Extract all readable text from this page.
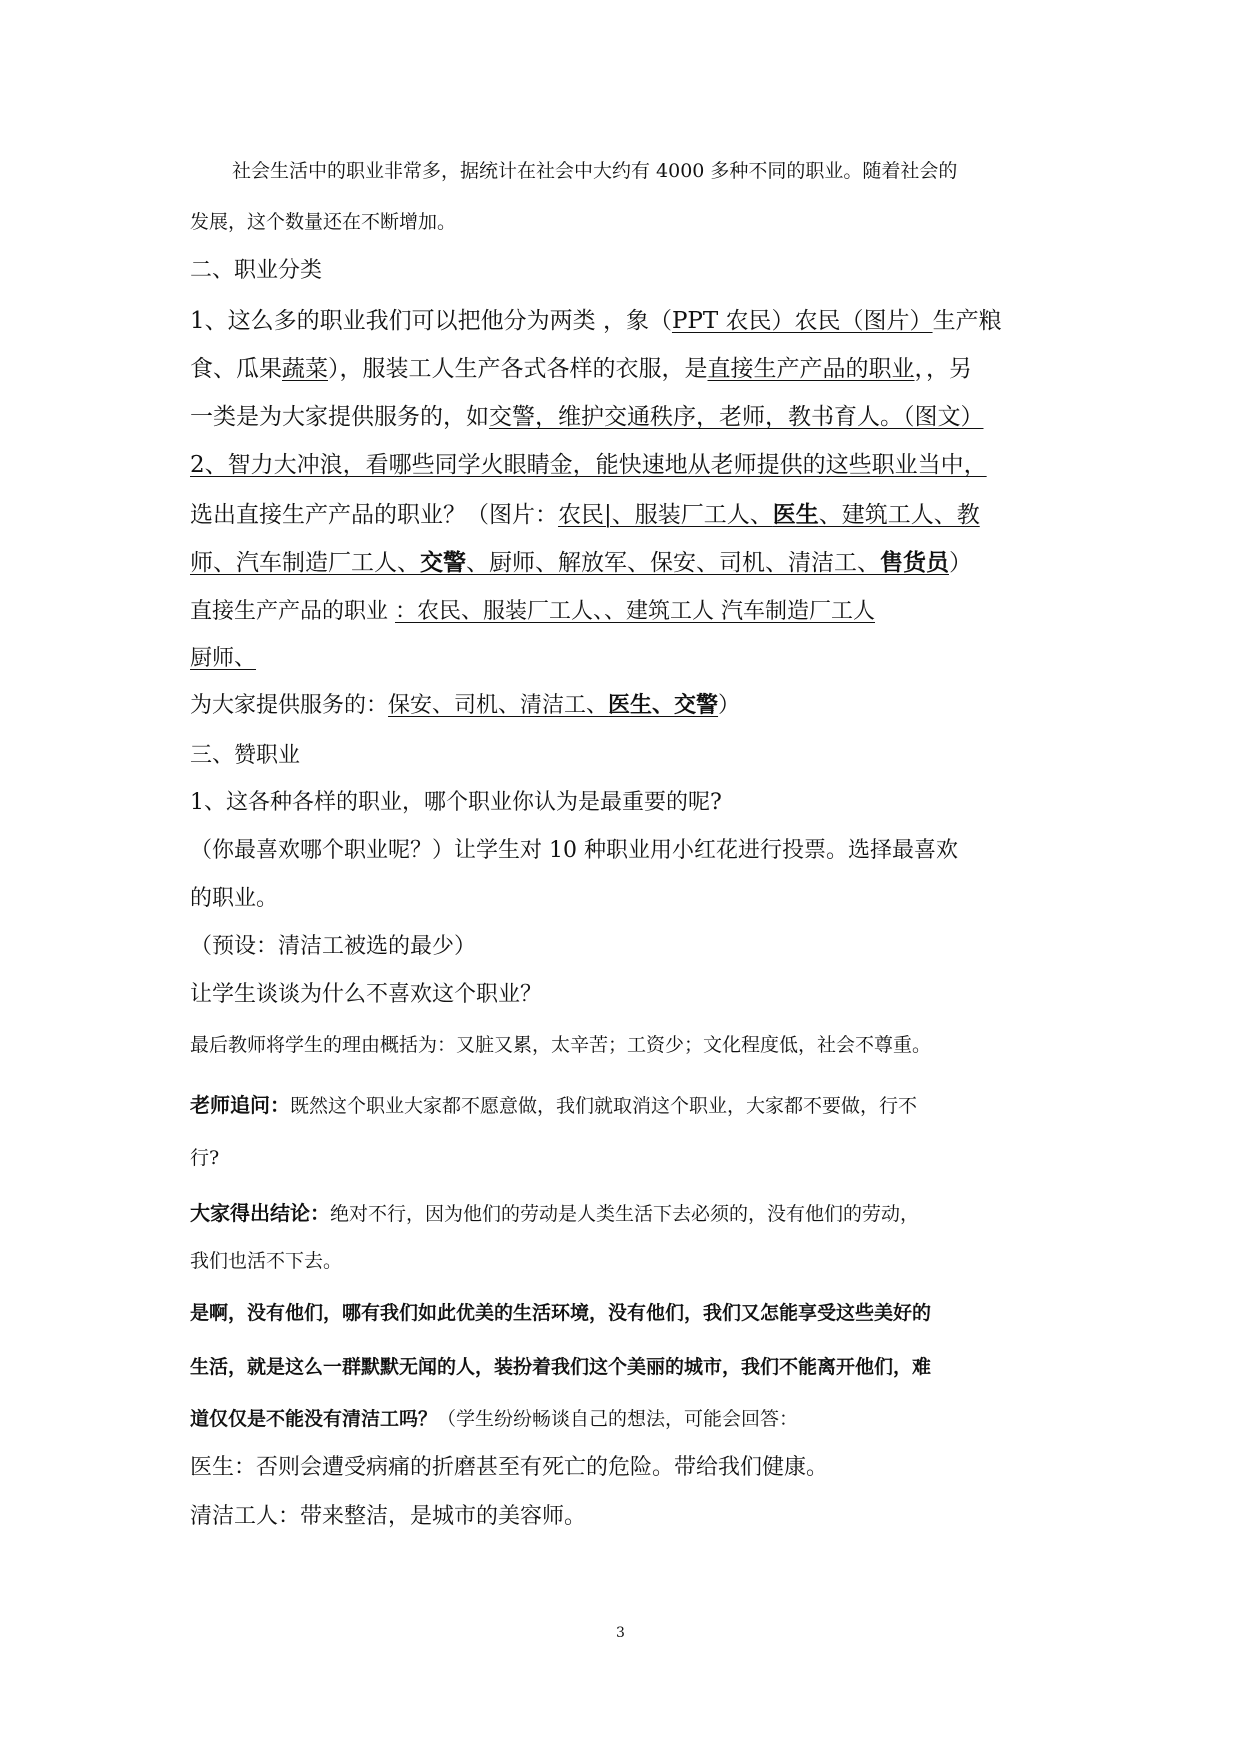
社会生活中的职业非常多，据统计在社会中大约有 4000 多种不同的职业。随着社会的
发展，这个数量还在不断增加。
二、职业分类
1、这么多的职业我们可以把他分为两类 ，象（PPT 农民）农民（图片）生产粮
食、瓜果蔬菜），服装工人生产各式各样的衣服，是直接生产产品的职业，，另
一类是为大家提供服务的，如交警，维护交通秩序，老师，教书育人。（图文）
2、智力大冲浪，看哪些同学火眼睛金，能快速地从老师提供的这些职业当中，
选出直接生产产品的职业？（图片：农民|、服装厂工人、医生、建筑工人、教
师、汽车制造厂工人、交警、厨师、解放军、保安、司机、清洁工、售货员）
直接生产产品的职业 ：农民、服装厂工人、、建筑工人 汽车制造厂工人
厨师、
为大家提供服务的：保安、司机、清洁工、医生、交警）
三、赞职业
1、这各种各样的职业，哪个职业你认为是最重要的呢?
（你最喜欢哪个职业呢？）让学生对 10 种职业用小红花进行投票。选择最喜欢
的职业。
（预设：清洁工被选的最少）
让学生谈谈为什么不喜欢这个职业？
最后教师将学生的理由概括为：又脏又累，太辛苦；工资少；文化程度低，社会不尊重。
老师追问：既然这个职业大家都不愿意做，我们就取消这个职业，大家都不要做，行不
行?
大家得出结论：绝对不行，因为他们的劳动是人类生活下去必须的，没有他们的劳动，
我们也活不下去。
是啊，没有他们，哪有我们如此优美的生活环境，没有他们，我们又怎能享受这些美好的
生活，就是这么一群默默无闻的人，装扮着我们这个美丽的城市，我们不能离开他们，难
道仅仅是不能没有清洁工吗？（学生纷纷畅谈自己的想法，可能会回答：
医生：否则会遭受病痛的折磨甚至有死亡的危险。带给我们健康。
清洁工人：带来整洁，是城市的美容师。
3
